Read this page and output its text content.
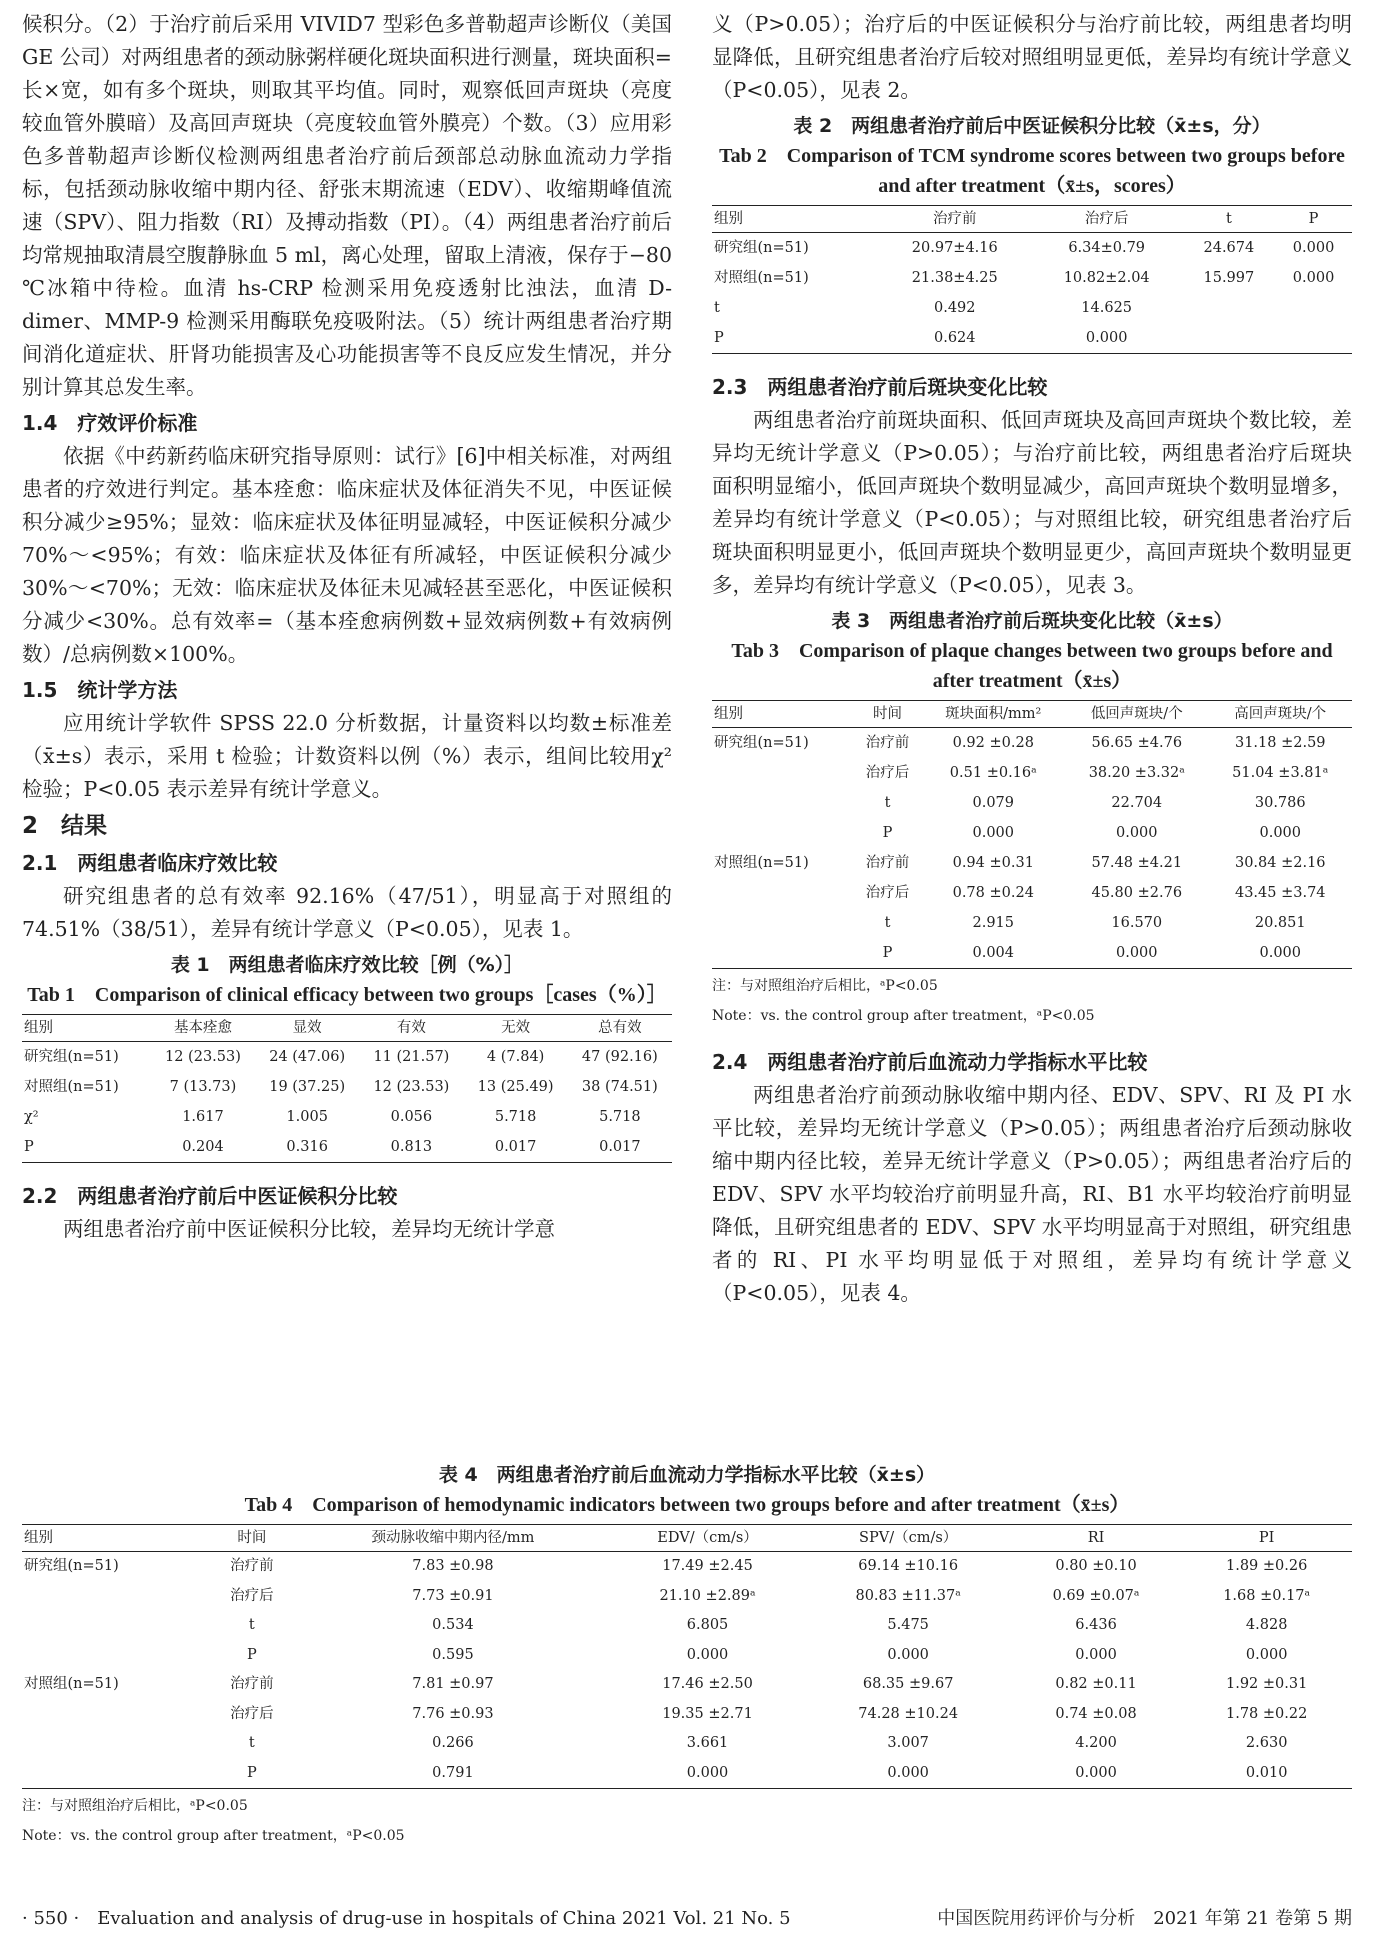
候积分。（2）于治疗前后采用 VIVID7 型彩色多普勒超声诊断仪（美国 GE 公司）对两组患者的颈动脉粥样硬化斑块面积进行测量，斑块面积=长×宽，如有多个斑块，则取其平均值。同时，观察低回声斑块（亮度较血管外膜暗）及高回声斑块（亮度较血管外膜亮）个数。（3）应用彩色多普勒超声诊断仪检测两组患者治疗前后颈部总动脉血流动力学指标，包括颈动脉收缩中期内径、舒张末期流速（EDV）、收缩期峰值流速（SPV）、阻力指数（RI）及搏动指数（PI）。（4）两组患者治疗前后均常规抽取清晨空腹静脉血 5 ml，离心处理，留取上清液，保存于−80 ℃冰箱中待检。血清 hs-CRP 检测采用免疫透射比浊法，血清 D-dimer、MMP-9 检测采用酶联免疫吸附法。（5）统计两组患者治疗期间消化道症状、肝肾功能损害及心功能损害等不良反应发生情况，并分别计算其总发生率。

1.4　疗效评价标准

依据《中药新药临床研究指导原则：试行》[6]中相关标准，对两组患者的疗效进行判定。基本痊愈：临床症状及体征消失不见，中医证候积分减少≥95%；显效：临床症状及体征明显减轻，中医证候积分减少 70%～<95%；有效：临床症状及体征有所减轻，中医证候积分减少 30%～<70%；无效：临床症状及体征未见减轻甚至恶化，中医证候积分减少<30%。总有效率=（基本痊愈病例数+显效病例数+有效病例数）/总病例数×100%。

1.5　统计学方法

应用统计学软件 SPSS 22.0 分析数据，计量资料以均数±标准差（x̄±s）表示，采用 t 检验；计数资料以例（%）表示，组间比较用χ² 检验；P<0.05 表示差异有统计学意义。

2　结果
2.1　两组患者临床疗效比较

研究组患者的总有效率 92.16%（47/51），明显高于对照组的 74.51%（38/51），差异有统计学意义（P<0.05），见表 1。

表 1　两组患者临床疗效比较［例（%）］
Tab 1　Comparison of clinical efficacy between two groups［cases（%）］
组别	基本痊愈	显效	有效	无效	总有效
研究组(n=51)	12 (23.53)	24 (47.06)	11 (21.57)	4 (7.84)	47 (92.16)
对照组(n=51)	7 (13.73)	19 (37.25)	12 (23.53)	13 (25.49)	38 (74.51)
χ²	1.617	1.005	0.056	5.718	5.718
P	0.204	0.316	0.813	0.017	0.017
2.2　两组患者治疗前后中医证候积分比较

两组患者治疗前中医证候积分比较，差异均无统计学意

义（P>0.05）；治疗后的中医证候积分与治疗前比较，两组患者均明显降低，且研究组患者治疗后较对照组明显更低，差异均有统计学意义（P<0.05），见表 2。

表 2　两组患者治疗前后中医证候积分比较（x̄±s，分）
Tab 2　Comparison of TCM syndrome scores between two groups before and after treatment（x̄±s，scores）
组别	治疗前	治疗后	t	P
研究组(n=51)	20.97±4.16	6.34±0.79	24.674	0.000
对照组(n=51)	21.38±4.25	10.82±2.04	15.997	0.000
t	0.492	14.625		
P	0.624	0.000		
2.3　两组患者治疗前后斑块变化比较

两组患者治疗前斑块面积、低回声斑块及高回声斑块个数比较，差异均无统计学意义（P>0.05）；与治疗前比较，两组患者治疗后斑块面积明显缩小，低回声斑块个数明显减少，高回声斑块个数明显增多，差异均有统计学意义（P<0.05）；与对照组比较，研究组患者治疗后斑块面积明显更小，低回声斑块个数明显更少，高回声斑块个数明显更多，差异均有统计学意义（P<0.05），见表 3。

表 3　两组患者治疗前后斑块变化比较（x̄±s）
Tab 3　Comparison of plaque changes between two groups before and after treatment（x̄±s）
组别	时间	斑块面积/mm²	低回声斑块/个	高回声斑块/个
研究组(n=51)	治疗前	0.92 ±0.28	56.65 ±4.76	31.18 ±2.59
	治疗后	0.51 ±0.16ᵃ	38.20 ±3.32ᵃ	51.04 ±3.81ᵃ
	t	0.079	22.704	30.786
	P	0.000	0.000	0.000
对照组(n=51)	治疗前	0.94 ±0.31	57.48 ±4.21	30.84 ±2.16
	治疗后	0.78 ±0.24	45.80 ±2.76	43.45 ±3.74
	t	2.915	16.570	20.851
	P	0.004	0.000	0.000
注：与对照组治疗后相比，ᵃP<0.05
Note：vs. the control group after treatment，ᵃP<0.05
2.4　两组患者治疗前后血流动力学指标水平比较

两组患者治疗前颈动脉收缩中期内径、EDV、SPV、RI 及 PI 水平比较，差异均无统计学意义（P>0.05）；两组患者治疗后颈动脉收缩中期内径比较，差异无统计学意义（P>0.05）；两组患者治疗后的 EDV、SPV 水平均较治疗前明显升高，RI、B1 水平均较治疗前明显降低，且研究组患者的 EDV、SPV 水平均明显高于对照组，研究组患者的 RI、PI 水平均明显低于对照组，差异均有统计学意义（P<0.05），见表 4。

表 4　两组患者治疗前后血流动力学指标水平比较（x̄±s）
Tab 4　Comparison of hemodynamic indicators between two groups before and after treatment（x̄±s）
组别	时间	颈动脉收缩中期内径/mm	EDV/（cm/s）	SPV/（cm/s）	RI	PI
研究组(n=51)	治疗前	7.83 ±0.98	17.49 ±2.45	69.14 ±10.16	0.80 ±0.10	1.89 ±0.26
	治疗后	7.73 ±0.91	21.10 ±2.89ᵃ	80.83 ±11.37ᵃ	0.69 ±0.07ᵃ	1.68 ±0.17ᵃ
	t	0.534	6.805	5.475	6.436	4.828
	P	0.595	0.000	0.000	0.000	0.000
对照组(n=51)	治疗前	7.81 ±0.97	17.46 ±2.50	68.35 ±9.67	0.82 ±0.11	1.92 ±0.31
	治疗后	7.76 ±0.93	19.35 ±2.71	74.28 ±10.24	0.74 ±0.08	1.78 ±0.22
	t	0.266	3.661	3.007	4.200	2.630
	P	0.791	0.000	0.000	0.000	0.010
注：与对照组治疗后相比，ᵃP<0.05
Note：vs. the control group after treatment，ᵃP<0.05
· 550 ·　Evaluation and analysis of drug-use in hospitals of China 2021 Vol. 21 No. 5	中国医院用药评价与分析　2021 年第 21 卷第 5 期
